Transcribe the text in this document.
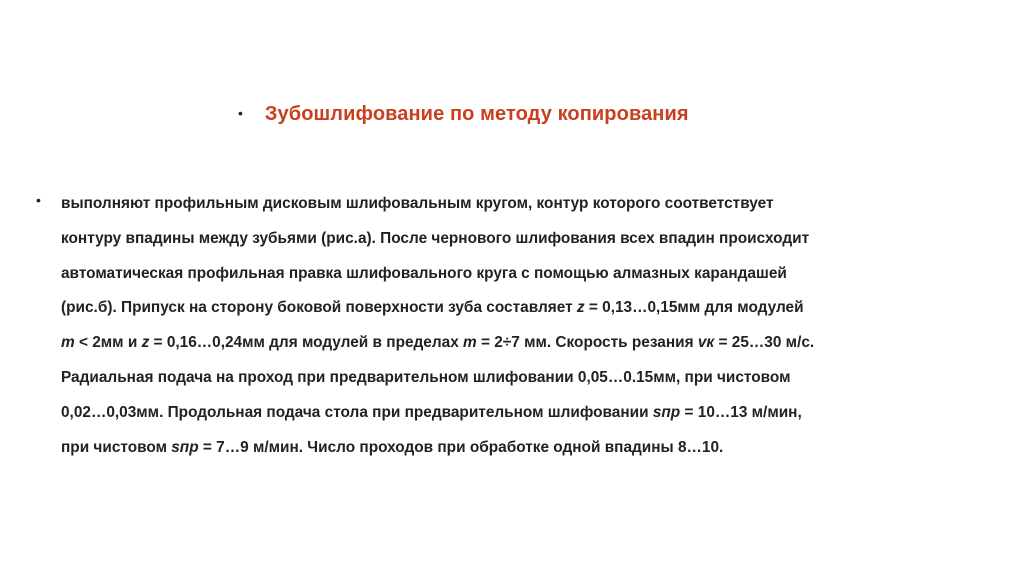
• Зубошлифование по методу копирования
• выполняют профильным дисковым шлифовальным кругом, контур которого соответствует
контуру впадины между зубьями (рис.а). После чернового шлифования всех впадин происходит
автоматическая профильная правка шлифовального круга с помощью алмазных карандашей
(рис.б). Припуск на сторону боковой поверхности зуба составляет z = 0,13…0,15мм для модулей
m < 2мм и z = 0,16…0,24мм для модулей в пределах m = 2÷7 мм. Скорость резания vк = 25…30 м/с.
Радиальная подача на проход при предварительном шлифовании 0,05…0.15мм, при чистовом
0,02…0,03мм. Продольная подача стола при предварительном шлифовании sпр = 10…13 м/мин,
при чистовом sпр = 7…9 м/мин. Число проходов при обработке одной впадины 8…10.
